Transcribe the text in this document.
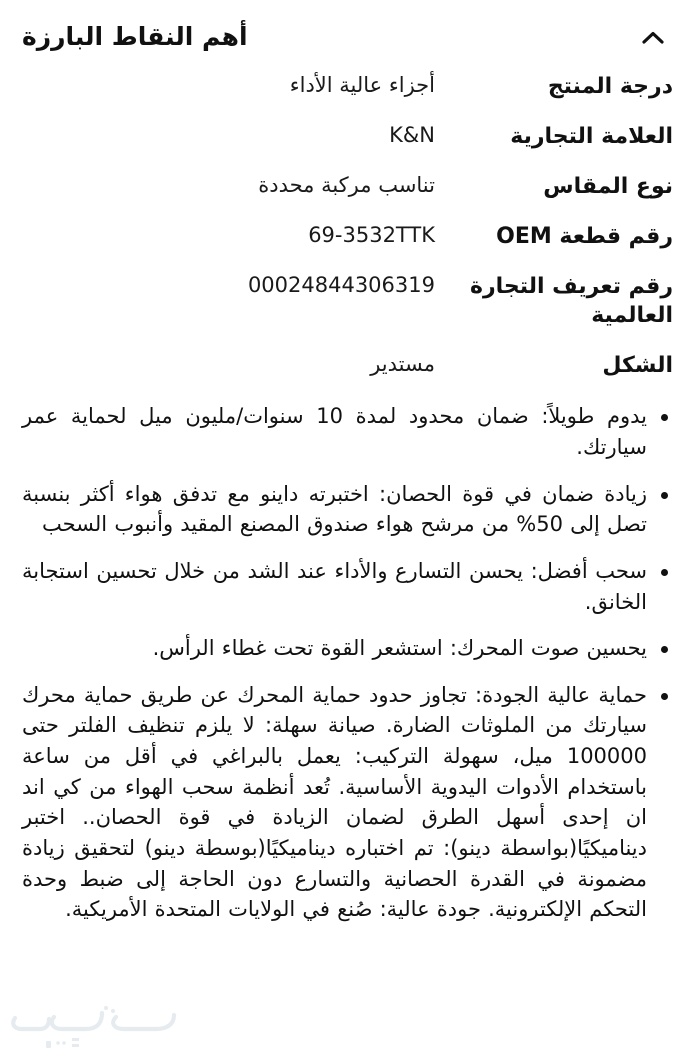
أهم النقاط البارزة
درجة المنتج
أجزاء عالية الأداء
العلامة التجارية
K&N
نوع المقاس
تناسب مركبة محددة
رقم قطعة OEM
69-3532TTK
رقم تعريف التجارة العالمية
00024844306319
الشكل
مستدير
يدوم طويلاً: ضمان محدود لمدة 10 سنوات/مليون ميل لحماية عمر سيارتك.
زيادة ضمان في قوة الحصان: اختبرته داينو مع تدفق هواء أكثر بنسبة تصل إلى 50% من مرشح هواء صندوق المصنع المقيد وأنبوب السحب
سحب أفضل: يحسن التسارع والأداء عند الشد من خلال تحسين استجابة الخانق.
يحسين صوت المحرك: استشعر القوة تحت غطاء الرأس.
حماية عالية الجودة: تجاوز حدود حماية المحرك عن طريق حماية محرك سيارتك من الملوثات الضارة. صيانة سهلة: لا يلزم تنظيف الفلتر حتى 100000 ميل، سهولة التركيب: يعمل بالبراغي في أقل من ساعة باستخدام الأدوات اليدوية الأساسية. تُعد أنظمة سحب الهواء من كي اند ان إحدى أسهل الطرق لضمان الزيادة في قوة الحصان.. اختبر ديناميكيًا(بواسطة دينو): تم اختباره ديناميكيًا(بوسطة دينو) لتحقيق زيادة مضمونة في القدرة الحصانية والتسارع دون الحاجة إلى ضبط وحدة التحكم الإلكترونية. جودة عالية: صُنع في الولايات المتحدة الأمريكية.
